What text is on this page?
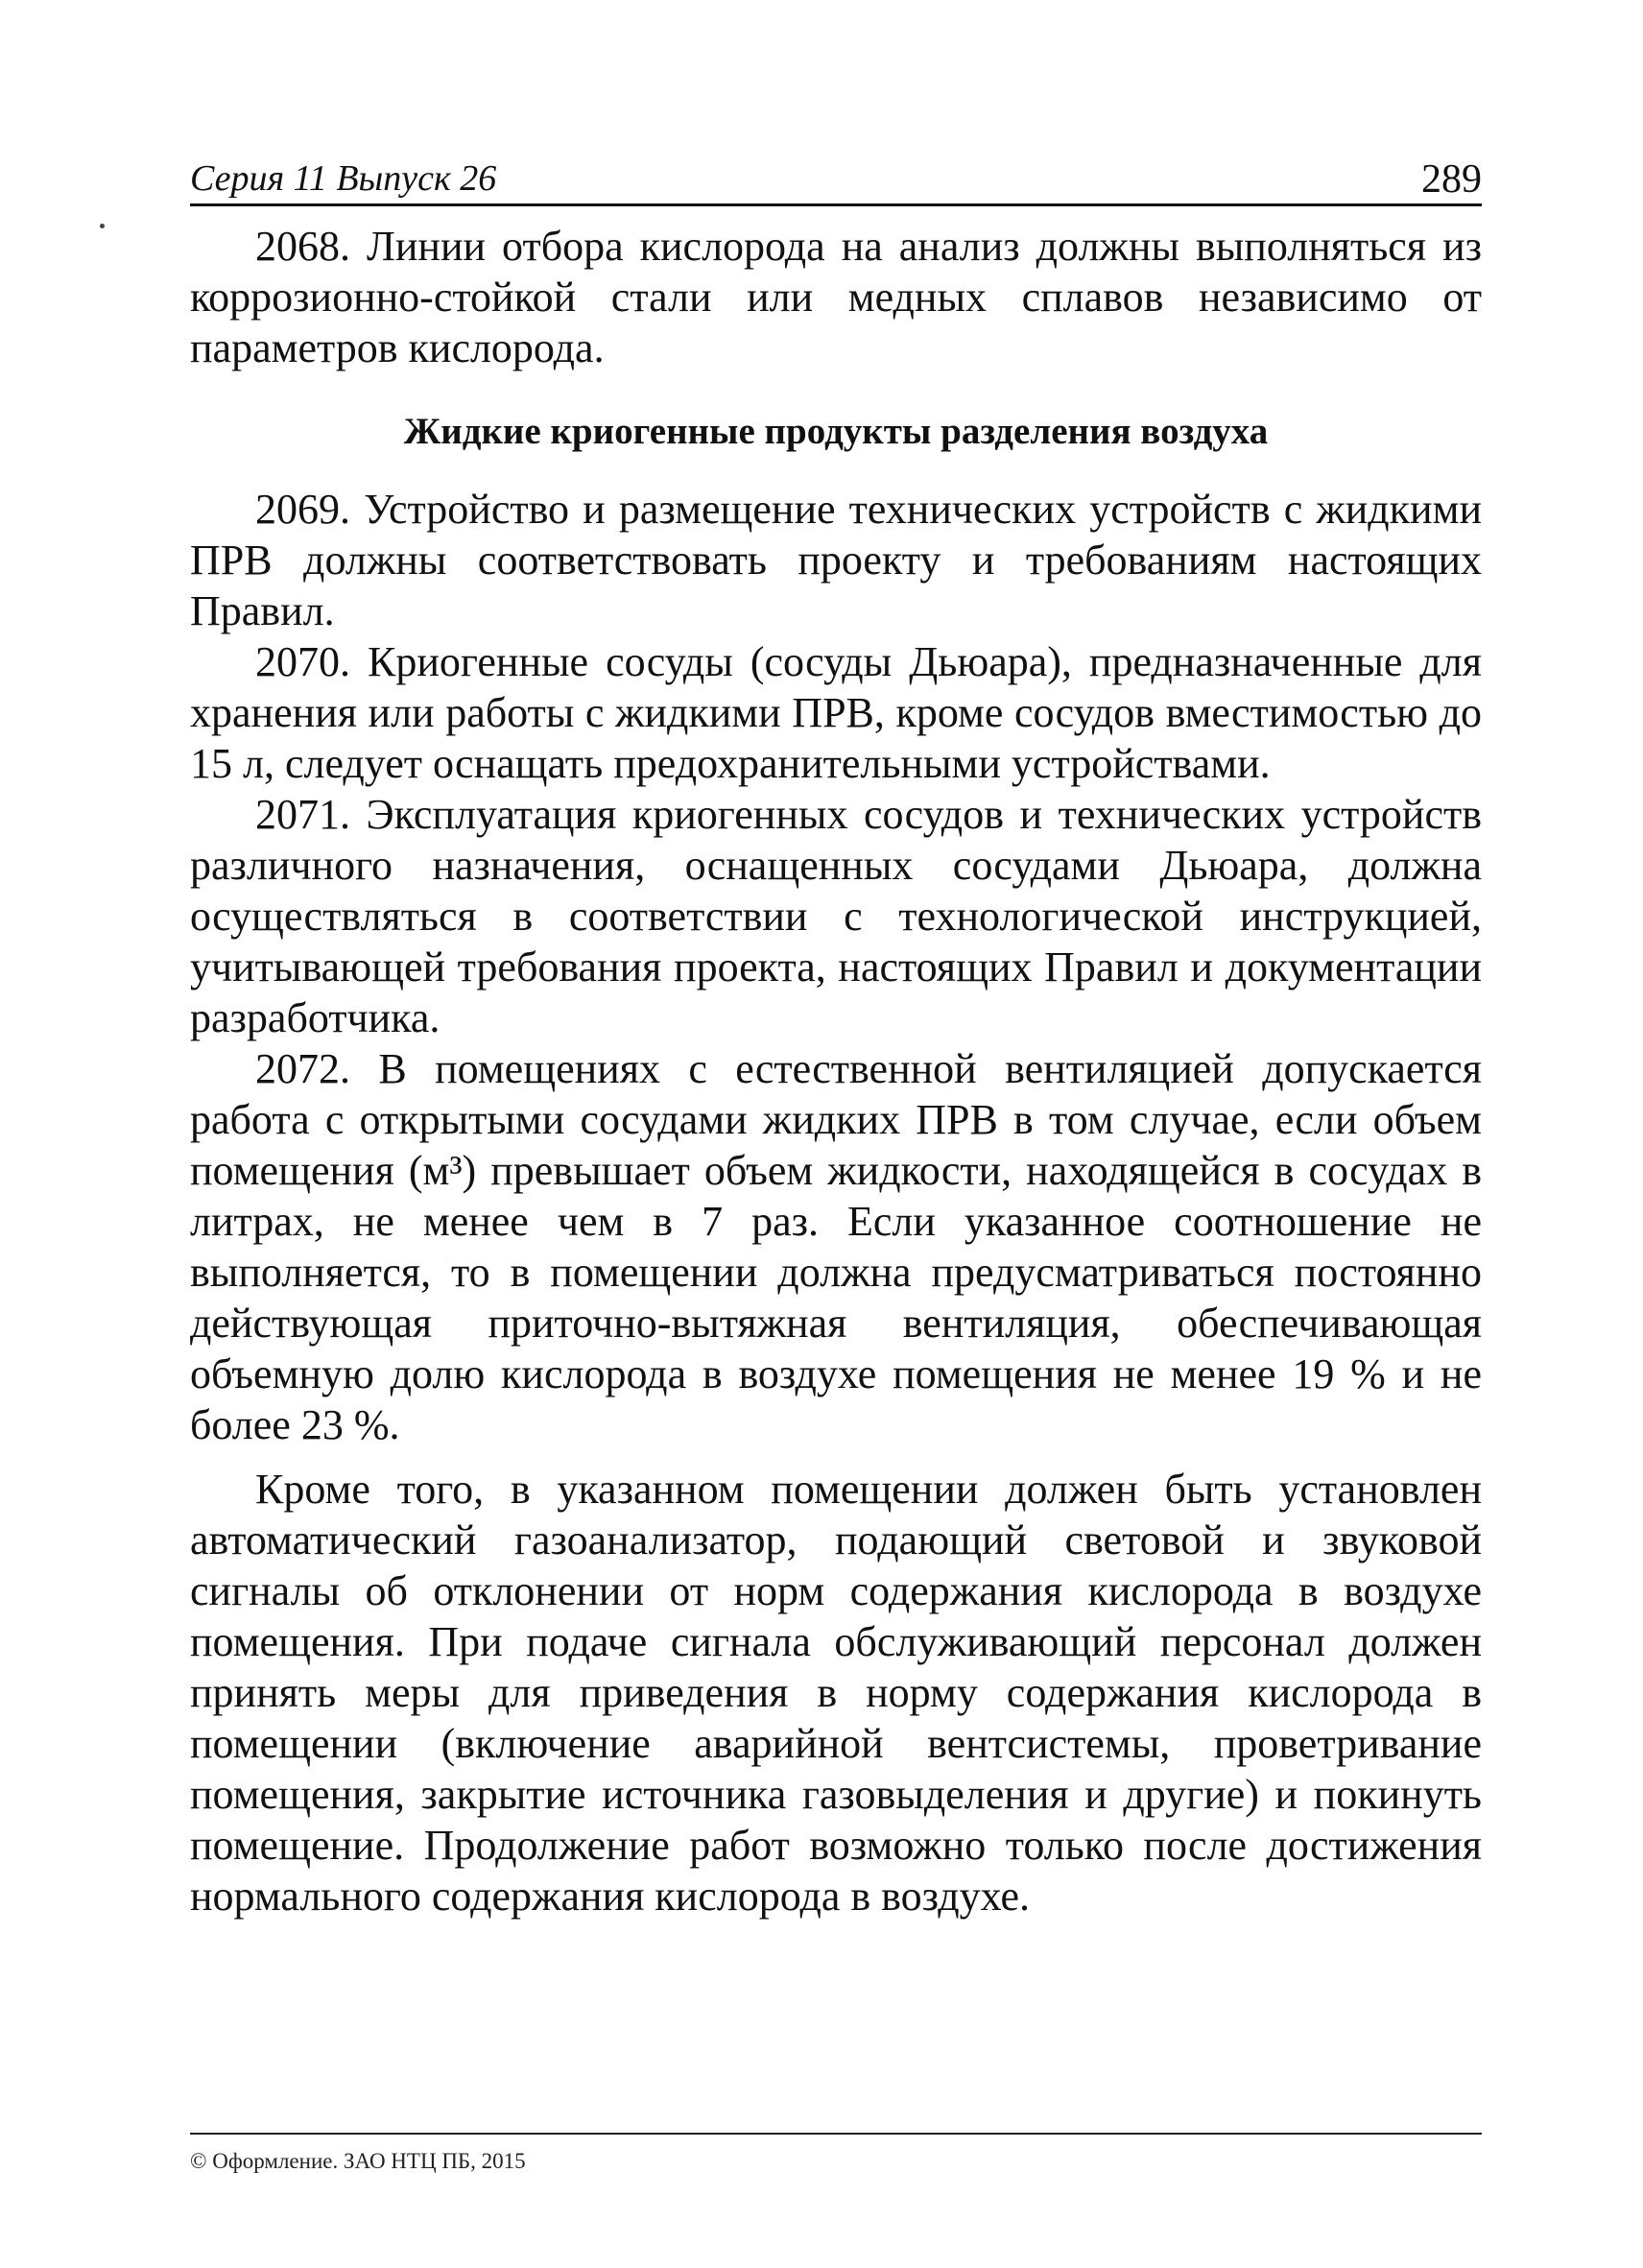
Серия 11 Выпуск 26	289

2068. Линии отбора кислорода на анализ должны выполняться из коррозионно-стойкой стали или медных сплавов независимо от параметров кислорода.

Жидкие криогенные продукты разделения воздуха

2069. Устройство и размещение технических устройств с жидкими ПРВ должны соответствовать проекту и требованиям настоящих Правил.

2070. Криогенные сосуды (сосуды Дьюара), предназначенные для хранения или работы с жидкими ПРВ, кроме сосудов вместимостью до 15 л, следует оснащать предохранительными устройствами.

2071. Эксплуатация криогенных сосудов и технических устройств различного назначения, оснащенных сосудами Дьюара, должна осуществляться в соответствии с технологической инструкцией, учитывающей требования проекта, настоящих Правил и документации разработчика.

2072. В помещениях с естественной вентиляцией допускается работа с открытыми сосудами жидких ПРВ в том случае, если объем помещения (м³) превышает объем жидкости, находящейся в сосудах в литрах, не менее чем в 7 раз. Если указанное соотношение не выполняется, то в помещении должна предусматриваться постоянно действующая приточно-вытяжная вентиляция, обеспечивающая объемную долю кислорода в воздухе помещения не менее 19 % и не более 23 %.

Кроме того, в указанном помещении должен быть установлен автоматический газоанализатор, подающий световой и звуковой сигналы об отклонении от норм содержания кислорода в воздухе помещения. При подаче сигнала обслуживающий персонал должен принять меры для приведения в норму содержания кислорода в помещении (включение аварийной вентсистемы, проветривание помещения, закрытие источника газовыделения и другие) и покинуть помещение. Продолжение работ возможно только после достижения нормального содержания кислорода в воздухе.

© Оформление. ЗАО НТЦ ПБ, 2015
